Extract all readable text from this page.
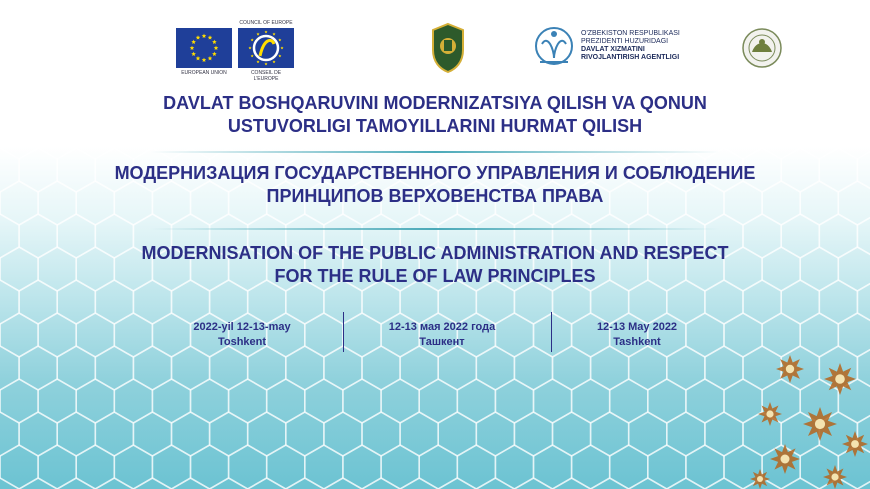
EUROPEAN UNION
COUNCIL OF EUROPE
CONSEIL DE L'EUROPE
O'ZBEKISTON RESPUBLIKASI
PREZIDENTI HUZURIDAGI
DAVLAT XIZMATINI
RIVOJLANTIRISH AGENTLIGI
DAVLAT BOSHQARUVINI MODERNIZATSIYA QILISH VA QONUN
USTUVORLIGI TAMOYILLARINI HURMAT QILISH
МОДЕРНИЗАЦИЯ ГОСУДАРСТВЕННОГО УПРАВЛЕНИЯ И СОБЛЮДЕНИЕ
ПРИНЦИПОВ ВЕРХОВЕНСТВА ПРАВА
MODERNISATION OF THE PUBLIC ADMINISTRATION AND RESPECT
FOR THE RULE OF LAW PRINCIPLES
2022-yil 12-13-may
Toshkent
12-13 мая 2022 года
Ташкент
12-13 May 2022
Tashkent
